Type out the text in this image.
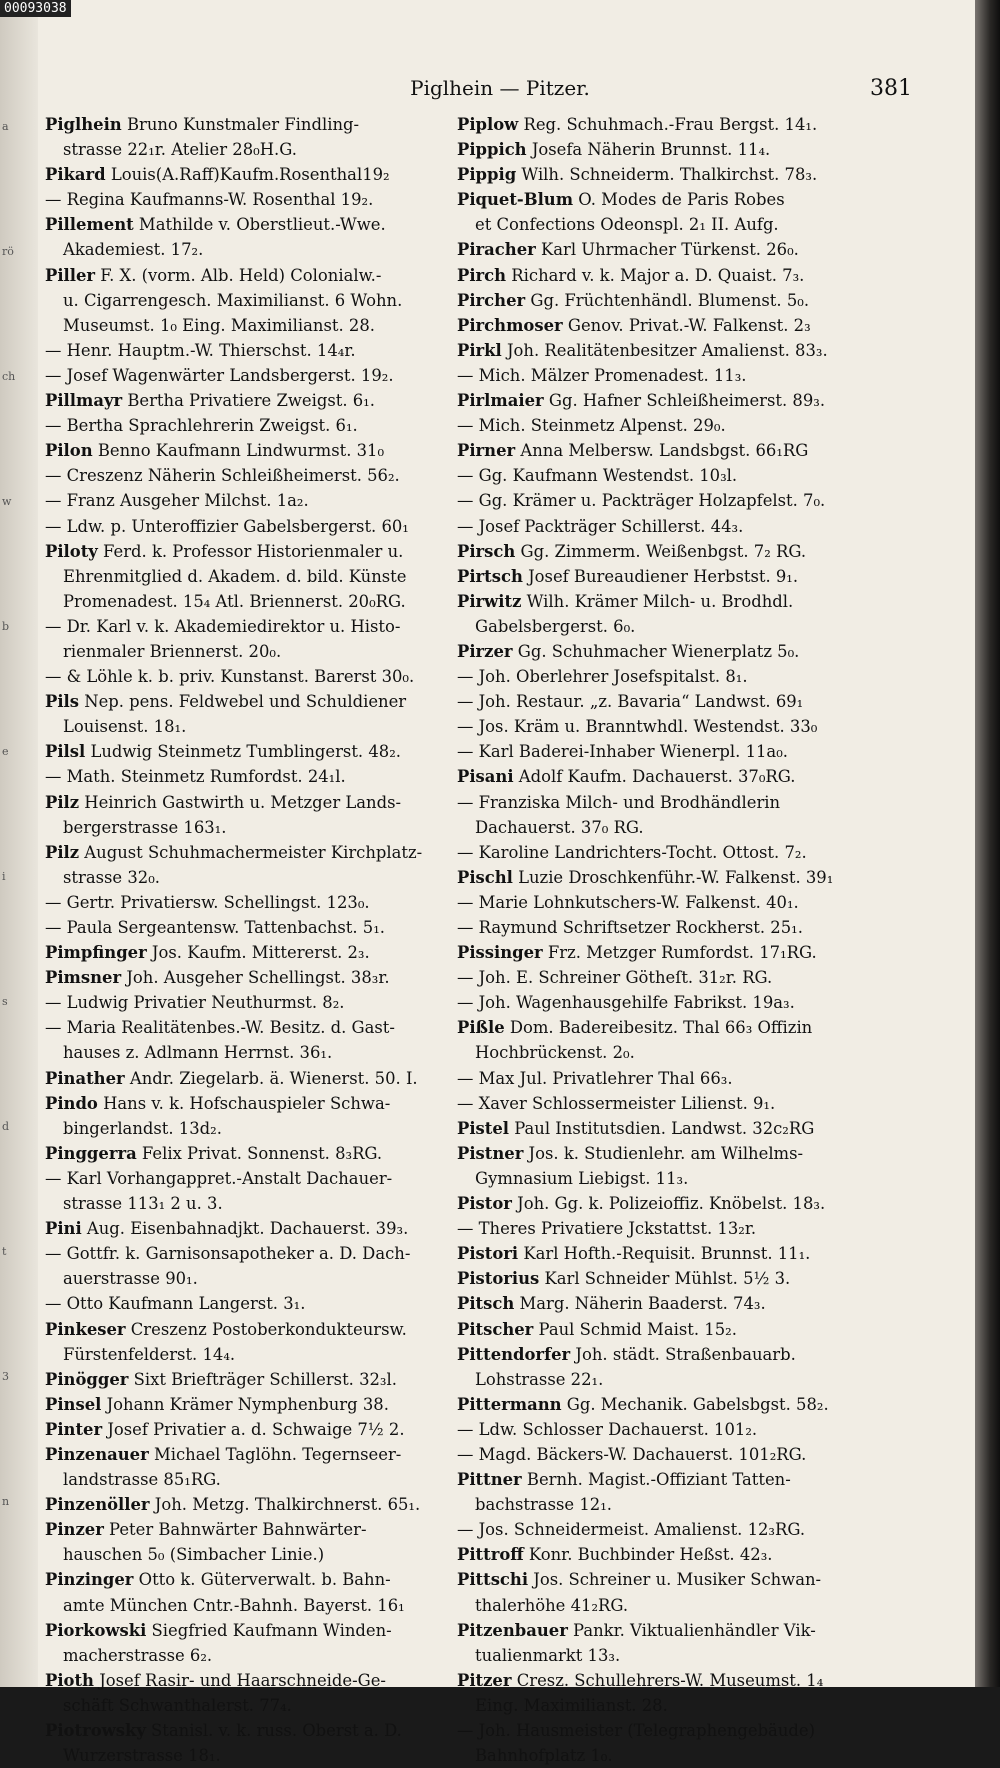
a
rö
ch
w
b
e
i
s
d
t
3
n
00093038
Piglhein — Pitzer.	381
Piglhein Bruno Kunstmaler Findling-
strasse 22₁r. Atelier 28₀H.G.
Pikard Louis(A.Raff)Kaufm.Rosenthal19₂
— Regina Kaufmanns-W. Rosenthal 19₂.
Pillement Mathilde v. Oberstlieut.-Wwe.
Akademiest. 17₂.
Piller F. X. (vorm. Alb. Held) Colonialw.-
u. Cigarrengesch. Maximilianst. 6 Wohn.
Museumst. 1₀ Eing. Maximilianst. 28.
— Henr. Hauptm.-W. Thierschst. 14₄r.
— Josef Wagenwärter Landsbergerst. 19₂.
Pillmayr Bertha Privatiere Zweigst. 6₁.
— Bertha Sprachlehrerin Zweigst. 6₁.
Pilon Benno Kaufmann Lindwurmst. 31₀
— Creszenz Näherin Schleißheimerst. 56₂.
— Franz Ausgeher Milchst. 1a₂.
— Ldw. p. Unteroffizier Gabelsbergerst. 60₁
Piloty Ferd. k. Professor Historienmaler u.
Ehrenmitglied d. Akadem. d. bild. Künste
Promenadest. 15₄ Atl. Briennerst. 20₀RG.
— Dr. Karl v. k. Akademiedirektor u. Histo-
rienmaler Briennerst. 20₀.
— & Löhle k. b. priv. Kunstanst. Barerst 30₀.
Pils Nep. pens. Feldwebel und Schuldiener
Louisenst. 18₁.
Pilsl Ludwig Steinmetz Tumblingerst. 48₂.
— Math. Steinmetz Rumfordst. 24₁l.
Pilz Heinrich Gastwirth u. Metzger Lands-
bergerstrasse 163₁.
Pilz August Schuhmachermeister Kirchplatz-
strasse 32₀.
— Gertr. Privatiersw. Schellingst. 123₀.
— Paula Sergeantensw. Tattenbachst. 5₁.
Pimpfinger Jos. Kaufm. Mittererst. 2₃.
Pimsner Joh. Ausgeher Schellingst. 38₃r.
— Ludwig Privatier Neuthurmst. 8₂.
— Maria Realitätenbes.-W. Besitz. d. Gast-
hauses z. Adlmann Herrnst. 36₁.
Pinather Andr. Ziegelarb. ä. Wienerst. 50. I.
Pindo Hans v. k. Hofschauspieler Schwa-
bingerlandst. 13d₂.
Pinggerra Felix Privat. Sonnenst. 8₃RG.
— Karl Vorhangappret.-Anstalt Dachauer-
strasse 113₁ 2 u. 3.
Pini Aug. Eisenbahnadjkt. Dachauerst. 39₃.
— Gottfr. k. Garnisonsapotheker a. D. Dach-
auerstrasse 90₁.
— Otto Kaufmann Langerst. 3₁.
Pinkeser Creszenz Postoberkondukteursw.
Fürstenfelderst. 14₄.
Pinögger Sixt Briefträger Schillerst. 32₃l.
Pinsel Johann Krämer Nymphenburg 38.
Pinter Josef Privatier a. d. Schwaige 7½ 2.
Pinzenauer Michael Taglöhn. Tegernseer-
landstrasse 85₁RG.
Pinzenöller Joh. Metzg. Thalkirchnerst. 65₁.
Pinzer Peter Bahnwärter Bahnwärter-
hauschen 5₀ (Simbacher Linie.)
Pinzinger Otto k. Güterverwalt. b. Bahn-
amte München Cntr.-Bahnh. Bayerst. 16₁
Piorkowski Siegfried Kaufmann Winden-
macherstrasse 6₂.
Pioth Josef Rasir- und Haarschneide-Ge-
schäft Schwanthalerst. 77₄.
Piotrowsky Stanisl. v. k. russ. Oberst a. D.
Wurzerstrasse 18₁.
Piplow Reg. Schuhmach.-Frau Bergst. 14₁.
Pippich Josefa Näherin Brunnst. 11₄.
Pippig Wilh. Schneiderm. Thalkirchst. 78₃.
Piquet-Blum O. Modes de Paris Robes
et Confections Odeonspl. 2₁ II. Aufg.
Piracher Karl Uhrmacher Türkenst. 26₀.
Pirch Richard v. k. Major a. D. Quaist. 7₃.
Pircher Gg. Früchtenhändl. Blumenst. 5₀.
Pirchmoser Genov. Privat.-W. Falkenst. 2₃
Pirkl Joh. Realitätenbesitzer Amalienst. 83₃.
— Mich. Mälzer Promenadest. 11₃.
Pirlmaier Gg. Hafner Schleißheimerst. 89₃.
— Mich. Steinmetz Alpenst. 29₀.
Pirner Anna Melbersw. Landsbgst. 66₁RG
— Gg. Kaufmann Westendst. 10₃l.
— Gg. Krämer u. Packträger Holzapfelst. 7₀.
— Josef Packträger Schillerst. 44₃.
Pirsch Gg. Zimmerm. Weißenbgst. 7₂ RG.
Pirtsch Josef Bureaudiener Herbstst. 9₁.
Pirwitz Wilh. Krämer Milch- u. Brodhdl.
Gabelsbergerst. 6₀.
Pirzer Gg. Schuhmacher Wienerplatz 5₀.
— Joh. Oberlehrer Josefspitalst. 8₁.
— Joh. Restaur. „z. Bavaria“ Landwst. 69₁
— Jos. Kräm u. Branntwhdl. Westendst. 33₀
— Karl Baderei-Inhaber Wienerpl. 11a₀.
Pisani Adolf Kaufm. Dachauerst. 37₀RG.
— Franziska Milch- und Brodhändlerin
Dachauerst. 37₀ RG.
— Karoline Landrichters-Tocht. Ottost. 7₂.
Pischl Luzie Droschkenführ.-W. Falkenst. 39₁
— Marie Lohnkutschers-W. Falkenst. 40₁.
— Raymund Schriftsetzer Rockherst. 25₁.
Pissinger Frz. Metzger Rumfordst. 17₁RG.
— Joh. E. Schreiner Götheſt. 31₂r. RG.
— Joh. Wagenhausgehilfe Fabrikst. 19a₃.
Pißle Dom. Badereibesitz. Thal 66₃ Offizin
Hochbrückenst. 2₀.
— Max Jul. Privatlehrer Thal 66₃.
— Xaver Schlossermeister Lilienst. 9₁.
Pistel Paul Institutsdien. Landwst. 32c₂RG
Pistner Jos. k. Studienlehr. am Wilhelms-
Gymnasium Liebigst. 11₃.
Pistor Joh. Gg. k. Polizeioffiz. Knöbelst. 18₃.
— Theres Privatiere Jckstattst. 13₂r.
Pistori Karl Hofth.-Requisit. Brunnst. 11₁.
Pistorius Karl Schneider Mühlst. 5½ 3.
Pitsch Marg. Näherin Baaderst. 74₃.
Pitscher Paul Schmid Maist. 15₂.
Pittendorfer Joh. städt. Straßenbauarb.
Lohstrasse 22₁.
Pittermann Gg. Mechanik. Gabelsbgst. 58₂.
— Ldw. Schlosser Dachauerst. 101₂.
— Magd. Bäckers-W. Dachauerst. 101₂RG.
Pittner Bernh. Magist.-Offiziant Tatten-
bachstrasse 12₁.
— Jos. Schneidermeist. Amalienst. 12₃RG.
Pittroff Konr. Buchbinder Heßst. 42₃.
Pittschi Jos. Schreiner u. Musiker Schwan-
thalerhöhe 41₂RG.
Pitzenbauer Pankr. Viktualienhändler Vik-
tualienmarkt 13₃.
Pitzer Cresz. Schullehrers-W. Museumst. 1₄
Eing. Maximilianst. 28.
— Joh. Hausmeister (Telegraphengebäude)
Bahnhofplatz 1₀.
